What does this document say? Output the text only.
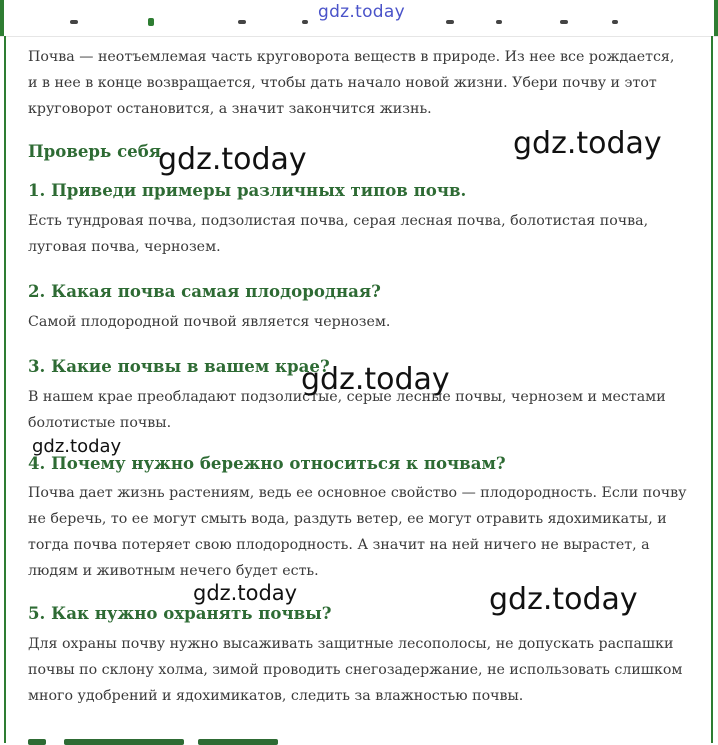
gdz.today

Почва — неотъемлемая часть круговорота веществ в природе. Из нее все рождается, и в нее в конце возвращается, чтобы дать начало новой жизни. Убери почву и этот круговорот остановится, а значит закончится жизнь.

Проверь себя
1. Приведи примеры различных типов почв.

Есть тундровая почва, подзолистая почва, серая лесная почва, болотистая почва, луговая почва, чернозем.

2. Какая почва самая плодородная?

Самой плодородной почвой является чернозем.

3. Какие почвы в вашем крае?

В нашем крае преобладают подзолистые, серые лесные почвы, чернозем и местами болотистые почвы.

4. Почему нужно бережно относиться к почвам?

Почва дает жизнь растениям, ведь ее основное свойство — плодородность. Если почву не беречь, то ее могут смыть вода, раздуть ветер, ее могут отравить ядохимикаты, и тогда почва потеряет свою плодородность. А значит на ней ничего не вырастет, а людям и животным нечего будет есть.

5. Как нужно охранять почвы?

Для охраны почву нужно высаживать защитные лесополосы, не допускать распашки почвы по склону холма, зимой проводить снегозадержание, не использовать слишком много удобрений и ядохимикатов, следить за влажностью почвы.

gdz.today	gdz.today
gdz.today
gdz.today
gdz.today	gdz.today
